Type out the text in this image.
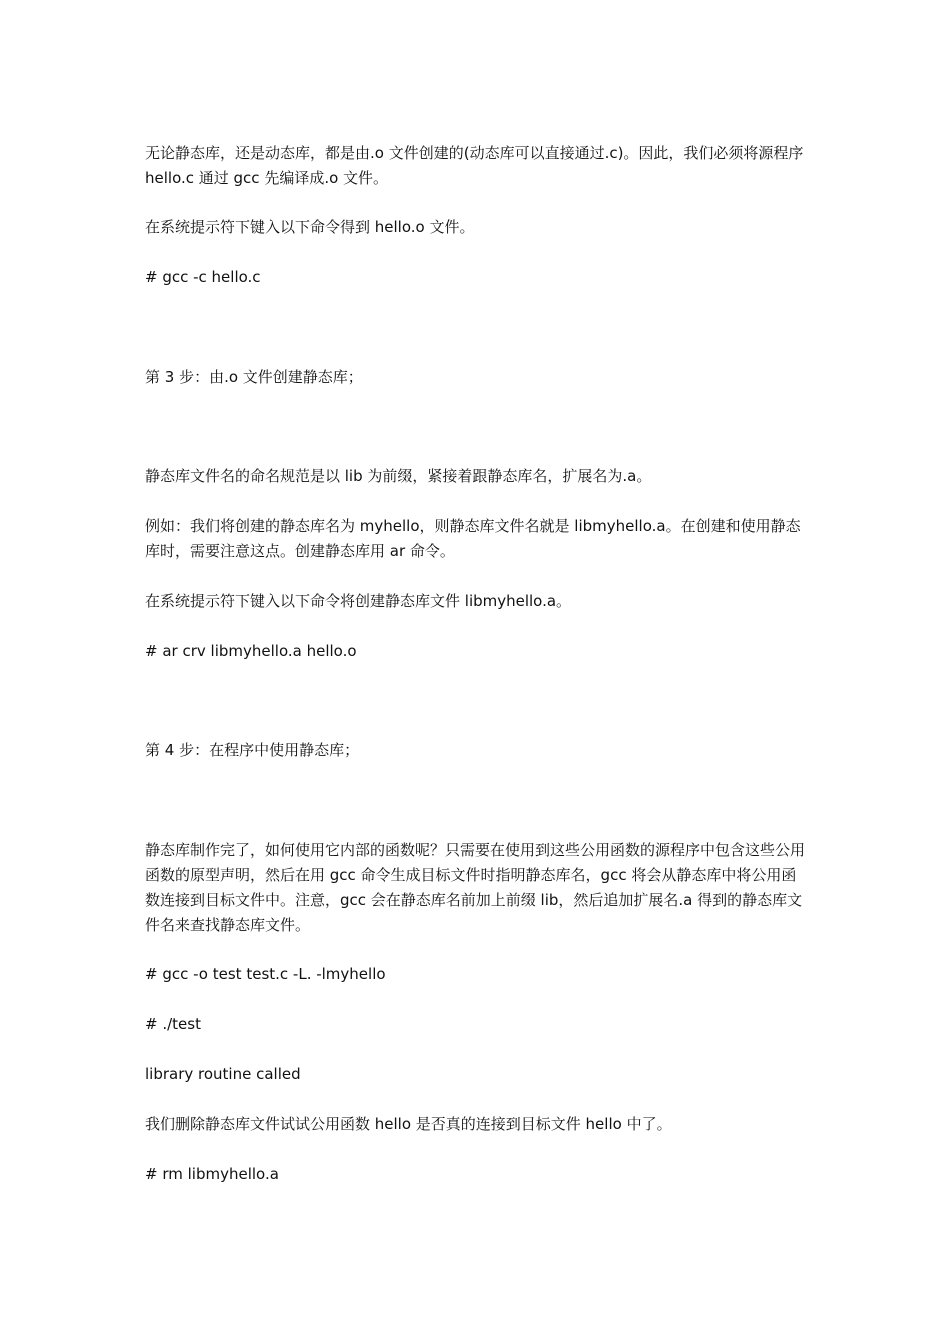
无论静态库，还是动态库，都是由.o 文件创建的(动态库可以直接通过.c)。因此，我们必须将源程序 hello.c 通过 gcc 先编译成.o 文件。
在系统提示符下键入以下命令得到 hello.o 文件。
# gcc -c hello.c
第 3 步：由.o 文件创建静态库；
静态库文件名的命名规范是以 lib 为前缀，紧接着跟静态库名，扩展名为.a。
例如：我们将创建的静态库名为 myhello，则静态库文件名就是 libmyhello.a。在创建和使用静态库时，需要注意这点。创建静态库用 ar 命令。
在系统提示符下键入以下命令将创建静态库文件 libmyhello.a。
# ar crv libmyhello.a hello.o
第 4 步：在程序中使用静态库；
静态库制作完了，如何使用它内部的函数呢？只需要在使用到这些公用函数的源程序中包含这些公用函数的原型声明，然后在用 gcc 命令生成目标文件时指明静态库名，gcc 将会从静态库中将公用函数连接到目标文件中。注意，gcc 会在静态库名前加上前缀 lib，然后追加扩展名.a 得到的静态库文件名来查找静态库文件。
# gcc -o test test.c -L. -lmyhello
# ./test
library routine called
我们删除静态库文件试试公用函数 hello 是否真的连接到目标文件 hello 中了。
# rm libmyhello.a
